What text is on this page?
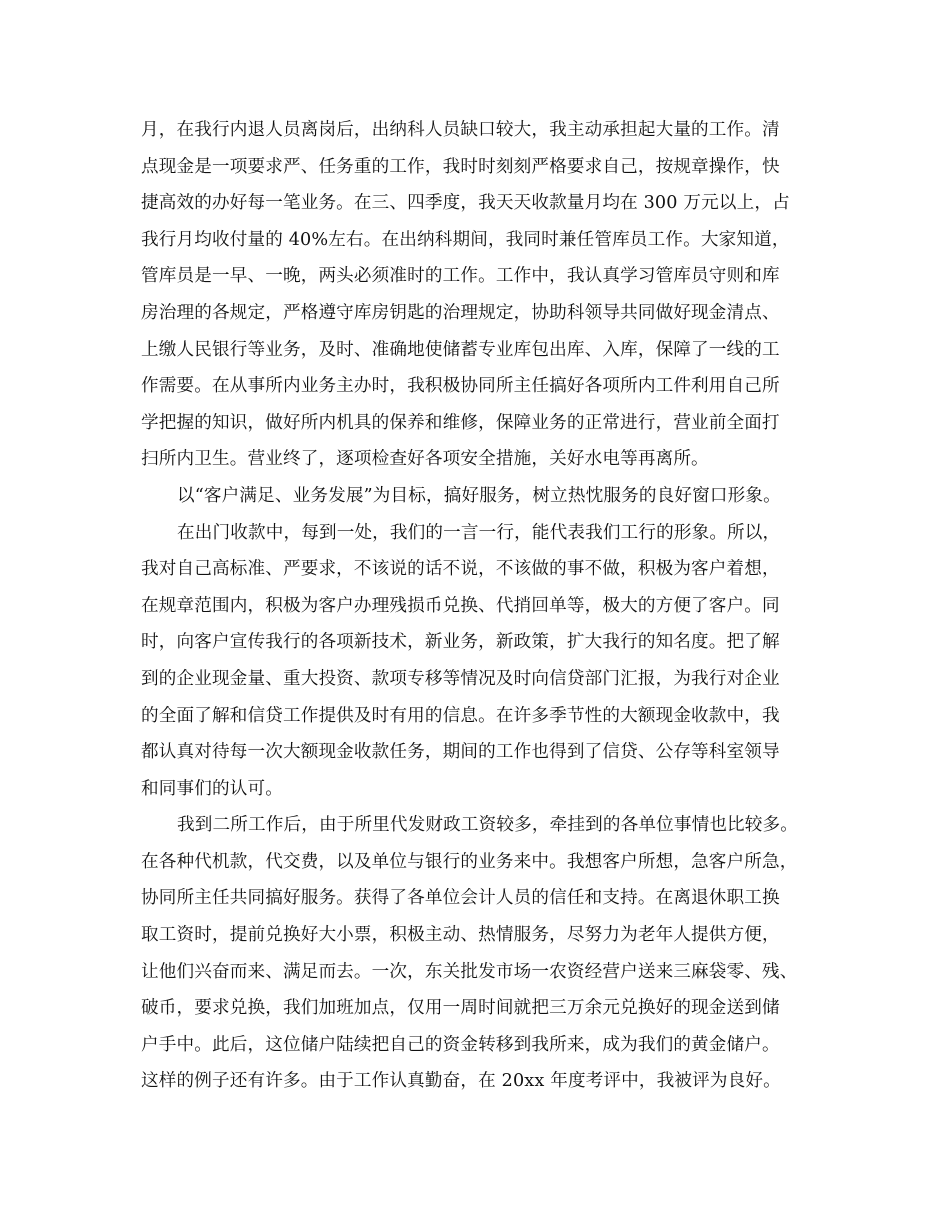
月，在我行内退人员离岗后，出纳科人员缺口较大，我主动承担起大量的工作。清
点现金是一项要求严、任务重的工作，我时时刻刻严格要求自己，按规章操作，快
捷高效的办好每一笔业务。在三、四季度，我天天收款量月均在 300 万元以上，占
我行月均收付量的 40%左右。在出纳科期间，我同时兼任管库员工作。大家知道，
管库员是一早、一晚，两头必须准时的工作。工作中，我认真学习管库员守则和库
房治理的各规定，严格遵守库房钥匙的治理规定，协助科领导共同做好现金清点、
上缴人民银行等业务，及时、准确地使储蓄专业库包出库、入库，保障了一线的工
作需要。在从事所内业务主办时，我积极协同所主任搞好各项所内工件利用自己所
学把握的知识，做好所内机具的保养和维修，保障业务的正常进行，营业前全面打
扫所内卫生。营业终了，逐项检查好各项安全措施，关好水电等再离所。
以“客户满足、业务发展”为目标，搞好服务，树立热忱服务的良好窗口形象。
在出门收款中，每到一处，我们的一言一行，能代表我们工行的形象。所以，
我对自己高标准、严要求，不该说的话不说，不该做的事不做，积极为客户着想，
在规章范围内，积极为客户办理残损币兑换、代捎回单等，极大的方便了客户。同
时，向客户宣传我行的各项新技术，新业务，新政策，扩大我行的知名度。把了解
到的企业现金量、重大投资、款项专移等情况及时向信贷部门汇报，为我行对企业
的全面了解和信贷工作提供及时有用的信息。在许多季节性的大额现金收款中，我
都认真对待每一次大额现金收款任务，期间的工作也得到了信贷、公存等科室领导
和同事们的认可。
我到二所工作后，由于所里代发财政工资较多，牵挂到的各单位事情也比较多。
在各种代机款，代交费，以及单位与银行的业务来中。我想客户所想，急客户所急，
协同所主任共同搞好服务。获得了各单位会计人员的信任和支持。在离退休职工换
取工资时，提前兑换好大小票，积极主动、热情服务，尽努力为老年人提供方便，
让他们兴奋而来、满足而去。一次，东关批发市场一农资经营户送来三麻袋零、残、
破币，要求兑换，我们加班加点，仅用一周时间就把三万余元兑换好的现金送到储
户手中。此后，这位储户陆续把自己的资金转移到我所来，成为我们的黄金储户。
这样的例子还有许多。由于工作认真勤奋，在 20xx 年度考评中，我被评为良好。
